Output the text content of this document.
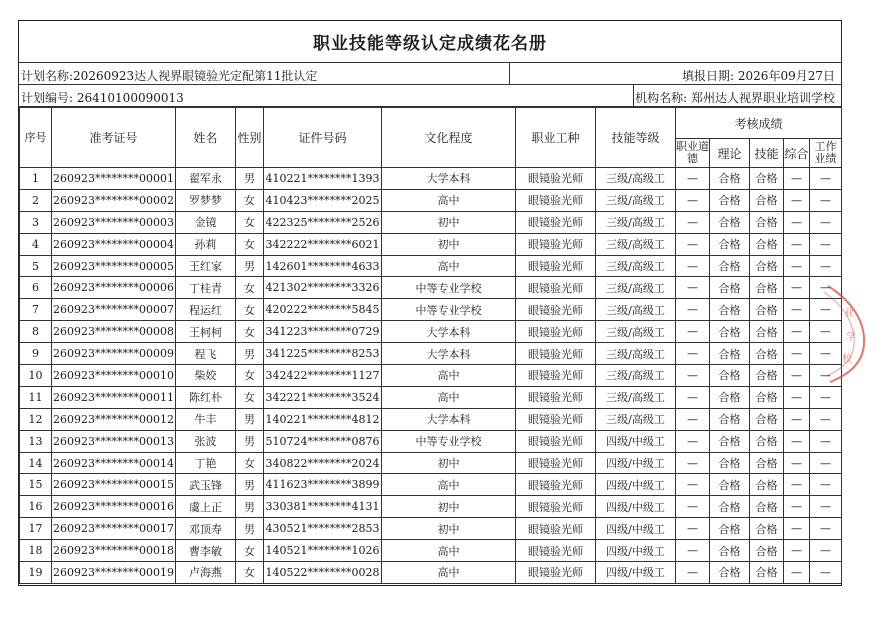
职业技能等级认定成绩花名册
计划名称:20260923达人视界眼镜验光定配第11批认定	填报日期: 2026年09月27日
计划编号: 26410100090013	机构名称: 郑州达人视界职业培训学校
序号	准考证号	姓名	性别	证件号码	文化程度	职业工种	技能等级	考核成绩				
								职业道德	理论	技能	综合	工作业绩
1	260923********00001	翟军永	男	410221********1393	大学本科	眼镜验光师	三级/高级工	—	合格	合格	—	—
2	260923********00002	罗梦梦	女	410423********2025	高中	眼镜验光师	三级/高级工	—	合格	合格	—	—
3	260923********00003	金镜	女	422325********2526	初中	眼镜验光师	三级/高级工	—	合格	合格	—	—
4	260923********00004	孙莉	女	342222********6021	初中	眼镜验光师	三级/高级工	—	合格	合格	—	—
5	260923********00005	王红家	男	142601********4633	高中	眼镜验光师	三级/高级工	—	合格	合格	—	—
6	260923********00006	丁桂青	女	421302********3326	中等专业学校	眼镜验光师	三级/高级工	—	合格	合格	—	—
7	260923********00007	程运红	女	420222********5845	中等专业学校	眼镜验光师	三级/高级工	—	合格	合格	—	—
8	260923********00008	王柯柯	女	341223********0729	大学本科	眼镜验光师	三级/高级工	—	合格	合格	—	—
9	260923********00009	程飞	男	341225********8253	大学本科	眼镜验光师	三级/高级工	—	合格	合格	—	—
10	260923********00010	柴姣	女	342422********1127	高中	眼镜验光师	三级/高级工	—	合格	合格	—	—
11	260923********00011	陈红朴	女	342221********3524	高中	眼镜验光师	三级/高级工	—	合格	合格	—	—
12	260923********00012	牛丰	男	140221********4812	大学本科	眼镜验光师	三级/高级工	—	合格	合格	—	—
13	260923********00013	张波	男	510724********0876	中等专业学校	眼镜验光师	四级/中级工	—	合格	合格	—	—
14	260923********00014	丁艳	女	340822********2024	初中	眼镜验光师	四级/中级工	—	合格	合格	—	—
15	260923********00015	武玉锋	男	411623********3899	高中	眼镜验光师	四级/中级工	—	合格	合格	—	—
16	260923********00016	虞上正	男	330381********4131	初中	眼镜验光师	四级/中级工	—	合格	合格	—	—
17	260923********00017	邓顶寿	男	430521********2853	初中	眼镜验光师	四级/中级工	—	合格	合格	—	—
18	260923********00018	曹李敏	女	140521********1026	高中	眼镜验光师	四级/中级工	—	合格	合格	—	—
19	260923********00019	卢海燕	女	140522********0028	高中	眼镜验光师	四级/中级工	—	合格	合格	—	—
业
学
校
